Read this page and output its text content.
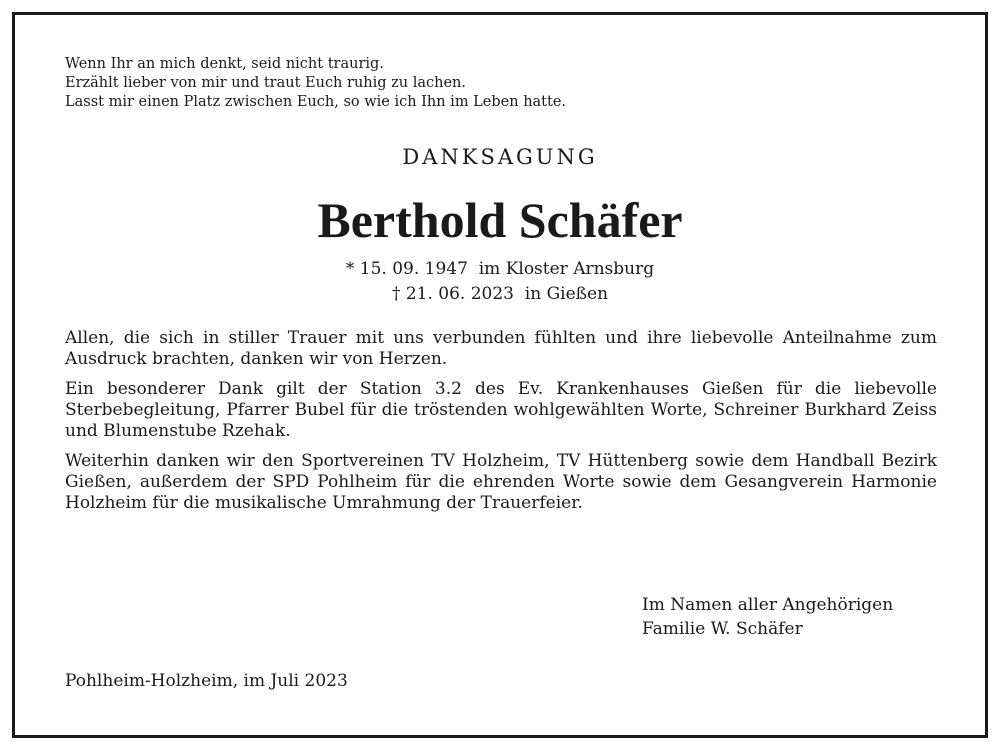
Wenn Ihr an mich denkt, seid nicht traurig.
Erzählt lieber von mir und traut Euch ruhig zu lachen.
Lasst mir einen Platz zwischen Euch, so wie ich Ihn im Leben hatte.
DANKSAGUNG
Berthold Schäfer
* 15. 09. 1947  im Kloster Arnsburg
† 21. 06. 2023  in Gießen

Allen, die sich in stiller Trauer mit uns verbunden fühlten und ihre liebevolle Anteilnahme zum Ausdruck brachten, danken wir von Herzen.

Ein besonderer Dank gilt der Station 3.2 des Ev. Krankenhauses Gießen für die liebevolle Sterbebegleitung, Pfarrer Bubel für die tröstenden wohlgewählten Worte, Schreiner Burkhard Zeiss und Blumenstube Rzehak.

Weiterhin danken wir den Sportvereinen TV Holzheim, TV Hüttenberg sowie dem Handball Bezirk Gießen, außerdem der SPD Pohlheim für die ehrenden Worte sowie dem Gesangverein Harmonie Holzheim für die musikalische Umrahmung der Trauerfeier.

Im Namen aller Angehörigen
Familie W. Schäfer
Pohlheim-Holzheim, im Juli 2023
